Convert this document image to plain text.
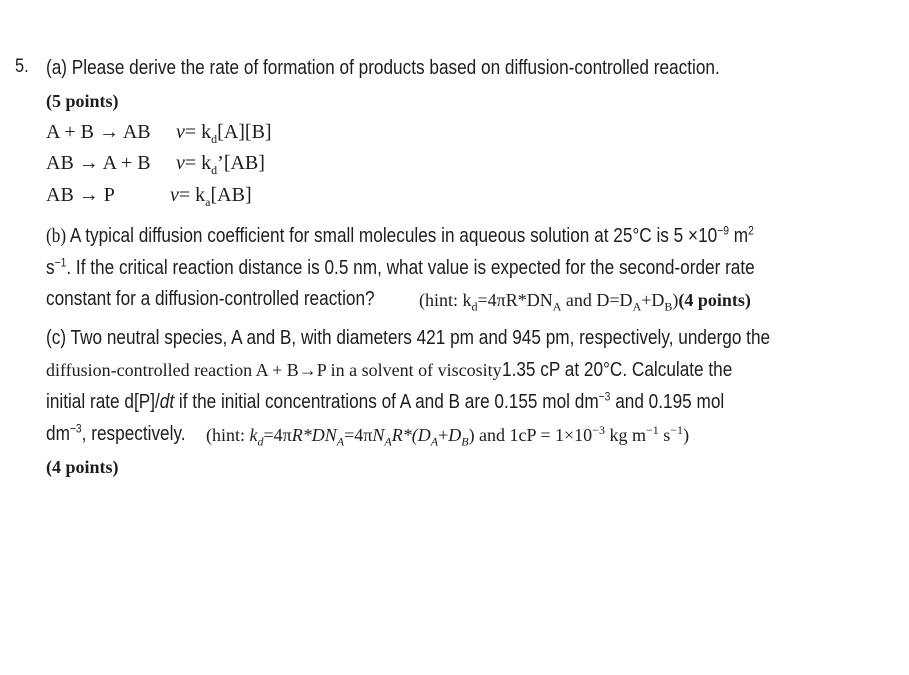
5. (a) Please derive the rate of formation of products based on diffusion-controlled reaction.
(5 points)
A + B → AB $v= k_d[A][B]$
AB → A + B $v= k_d’[AB]$
AB → P	$v= k_a[AB]$
(b) A typical diffusion coefficient for small molecules in aqueous solution at 25°C is $5 \times 10^{-9}$ $m^2$
$s^{-1}$. If the critical reaction distance is 0.5 nm, what value is expected for the second-order rate
constant for a diffusion-controlled reaction?	(hint: $k_d=4\pi R*DN_A$ and $D=D_A+D_B)(4$ points)
(c) Two neutral species, A and B, with diameters 421 pm and 945 pm, respectively, undergo the
diffusion-controlled reaction A + B→P in a solvent of viscosity1.35 cP at 20°C. Calculate the
initial rate d[P]/dt if the initial concentrations of A and B are 0.155 mol $dm^{-3}$ and 0.195 mol
$dm^{-3}$, respectively.	(hint: $k_d=4\pi R*DN_A=4\pi N_AR*(D_A+D_B)$ and $1cP = 1\times 10^{-3}$ kg $m^{-1}$ $s^{-1}$)
(4 points)
